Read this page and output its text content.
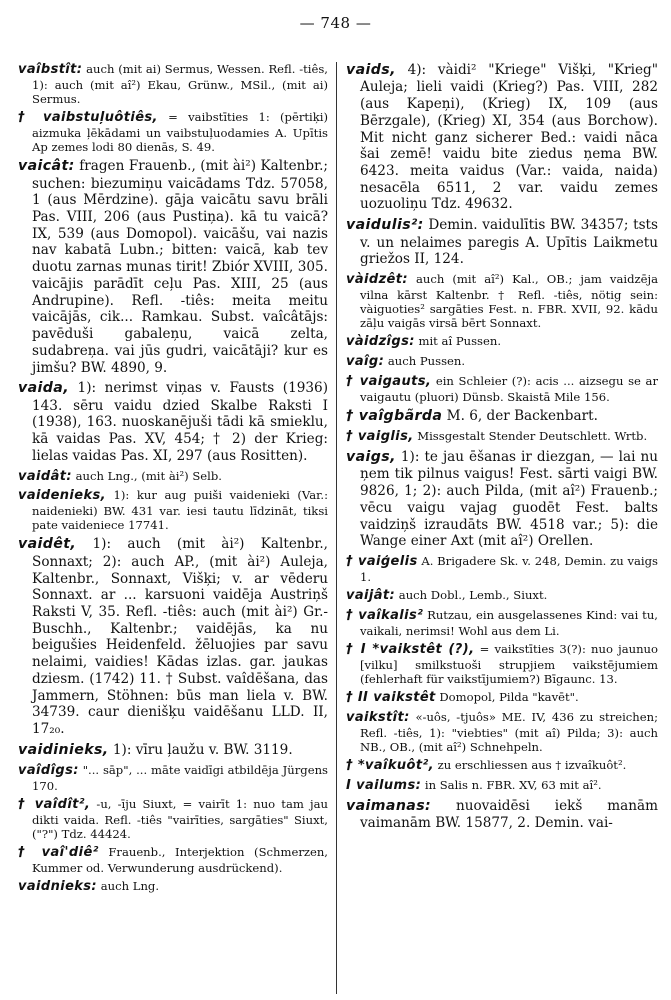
— 748 —

vaîbstît: auch (mit ai) Sermus, Wessen. Refl. -tiês, 1): auch (mit aî²) Ekau, Grünw., MSil., (mit ai) Sermus.

† vaibstuļuôtiês, = vaibstīties 1: (pērtiķi) aizmuka ļēkādami un vaibstuļuodamies A. Upītis Ap zemes lodi 80 dienās, S. 49.

vaicât: fragen Frauenb., (mit ài²) Kaltenbr.; suchen: biezumiņu vaicādams Tdz. 57058, 1 (aus Mērdzine). gāja vaicātu savu brāli Pas. VIII, 206 (aus Pustiņa). kā tu vaicā? IX, 539 (aus Domopol). vaicāšu, vai nazis nav kabatā Lubn.; bitten: vaicā, kab tev duotu zarnas munas tirit! Zbiór XVIII, 305. vaicājis parādīt ceļu Pas. XIII, 25 (aus Andrupine). Refl. -tiês: meita meitu vaicājās, cik... Ramkau. Subst. vaîcâtājs: pavēduši gabaleņu, vaicā zelta, sudabreņa. vai jūs gudri, vaicātāji? kur es jimšu? BW. 4890, 9.

vaida, 1): nerimst viņas v. Fausts (1936) 143. sēru vaidu dzied Skalbe Raksti I (1938), 163. nuoskanējuši tādi kā smieklu, kā vaidas Pas. XV, 454; † 2) der Krieg: lielas vaidas Pas. XI, 297 (aus Rositten).

vaidât: auch Lng., (mit ài²) Selb.

vaidenieks, 1): kur aug puiši vaidenieki (Var.: naidenieki) BW. 431 var. iesi tautu līdzināt, tiksi pate vaideniece 17741.

vaidêt, 1): auch (mit ài²) Kaltenbr., Sonnaxt; 2): auch AP., (mit ài²) Auleja, Kaltenbr., Sonnaxt, Višķi; v. ar vēderu Sonnaxt. ar ... karsuoni vaidēja Austriņš Raksti V, 35. Refl. -tiês: auch (mit ài²) Gr.-Buschh., Kaltenbr.; vaidējās, ka nu beigušies Heidenfeld. žēluojies par savu nelaimi, vaidies! Kādas izlas. gar. jaukas dziesm. (1742) 11. † Subst. vaîdēšana, das Jammern, Stöhnen: būs man liela v. BW. 34739. caur dienišķu vaidēšanu LLD. II, 17₂₀.

vaidinieks, 1): vīru ļaužu v. BW. 3119.

vaîdîgs: "... sāp", ... māte vaidīgi atbildēja Jürgens 170.

† vaîdît², -u, -īju Siuxt, = vairīt 1: nuo tam jau dikti vaida. Refl. -tiês "vairīties, sargāties" Siuxt, ("?") Tdz. 44424.

† vaî'diê² Frauenb., Interjektion (Schmerzen, Kummer od. Verwunderung ausdrückend).

vaidnieks: auch Lng.

vaids, 4): vàidi² "Kriege" Višķi, "Krieg" Auleja; lieli vaidi (Krieg?) Pas. VIII, 282 (aus Kapeņi), (Krieg) IX, 109 (aus Bērzgale), (Krieg) XI, 354 (aus Borchow). Mit nicht ganz sicherer Bed.: vaidi nāca šai zemē! vaidu bite ziedus ņema BW. 6423. meita vaidus (Var.: vaida, naida) nesacēla 6511, 2 var. vaidu zemes uozuoliņu Tdz. 49632.

vaidulis²: Demin. vaidulītis BW. 34357; tsts v. un nelaimes paregis A. Upītis Laikmetu griežos II, 124.

vàidzêt: auch (mit aî²) Kal., OB.; jam vaidzēja vilna kārst Kaltenbr. † Refl. -tiês, nötig sein: vàiguoties² sargāties Fest. n. FBR. XVII, 92. kādu zāļu vaigās virsā bērt Sonnaxt.

vàidzîgs: mit aî Pussen.

vaîg: auch Pussen.

† vaigauts, ein Schleier (?): acis ... aizsegu se ar vaigautu (pluori) Dünsb. Skaistā Mile 156.

† vaîgbãrda M. 6, der Backenbart.

† vaiglis, Missgestalt Stender Deutschlett. Wrtb.

vaigs, 1): te jau ēšanas ir diezgan, — lai nu ņem tik pilnus vaigus! Fest. sārti vaigi BW. 9826, 1; 2): auch Pilda, (mit aî²) Frauenb.; vēcu vaigu vajag guodēt Fest. balts vaidziņš izraudāts BW. 4518 var.; 5): die Wange einer Axt (mit aî²) Orellen.

† vaiģelis A. Brigadere Sk. v. 248, Demin. zu vaigs 1.

vaijât: auch Dobl., Lemb., Siuxt.

† vaîkalis² Rutzau, ein ausgelassenes Kind: vai tu, vaikali, nerimsi! Wohl aus dem Li.

† I *vaikstêt (?), = vaikstīties 3(?): nuo jaunuo [vilku] smilkstuoši strupjiem vaikstējumiem (fehlerhaft für vaikstījumiem?) Bīgaunc. 13.

† II vaikstêt Domopol, Pilda "kavēt".

vaikstît: «-uôs, -tjuôs» ME. IV, 436 zu streichen; Refl. -tiês, 1): "viebties" (mit aî) Pilda; 3): auch NB., OB., (mit aî²) Schnehpeln.

† *vaîkuôt², zu erschliessen aus † izvaîkuôt².

I vailums: in Salis n. FBR. XV, 63 mit aî².

vaimanas: nuovaidēsi iekš manām vaimanām BW. 15877, 2. Demin. vai-
